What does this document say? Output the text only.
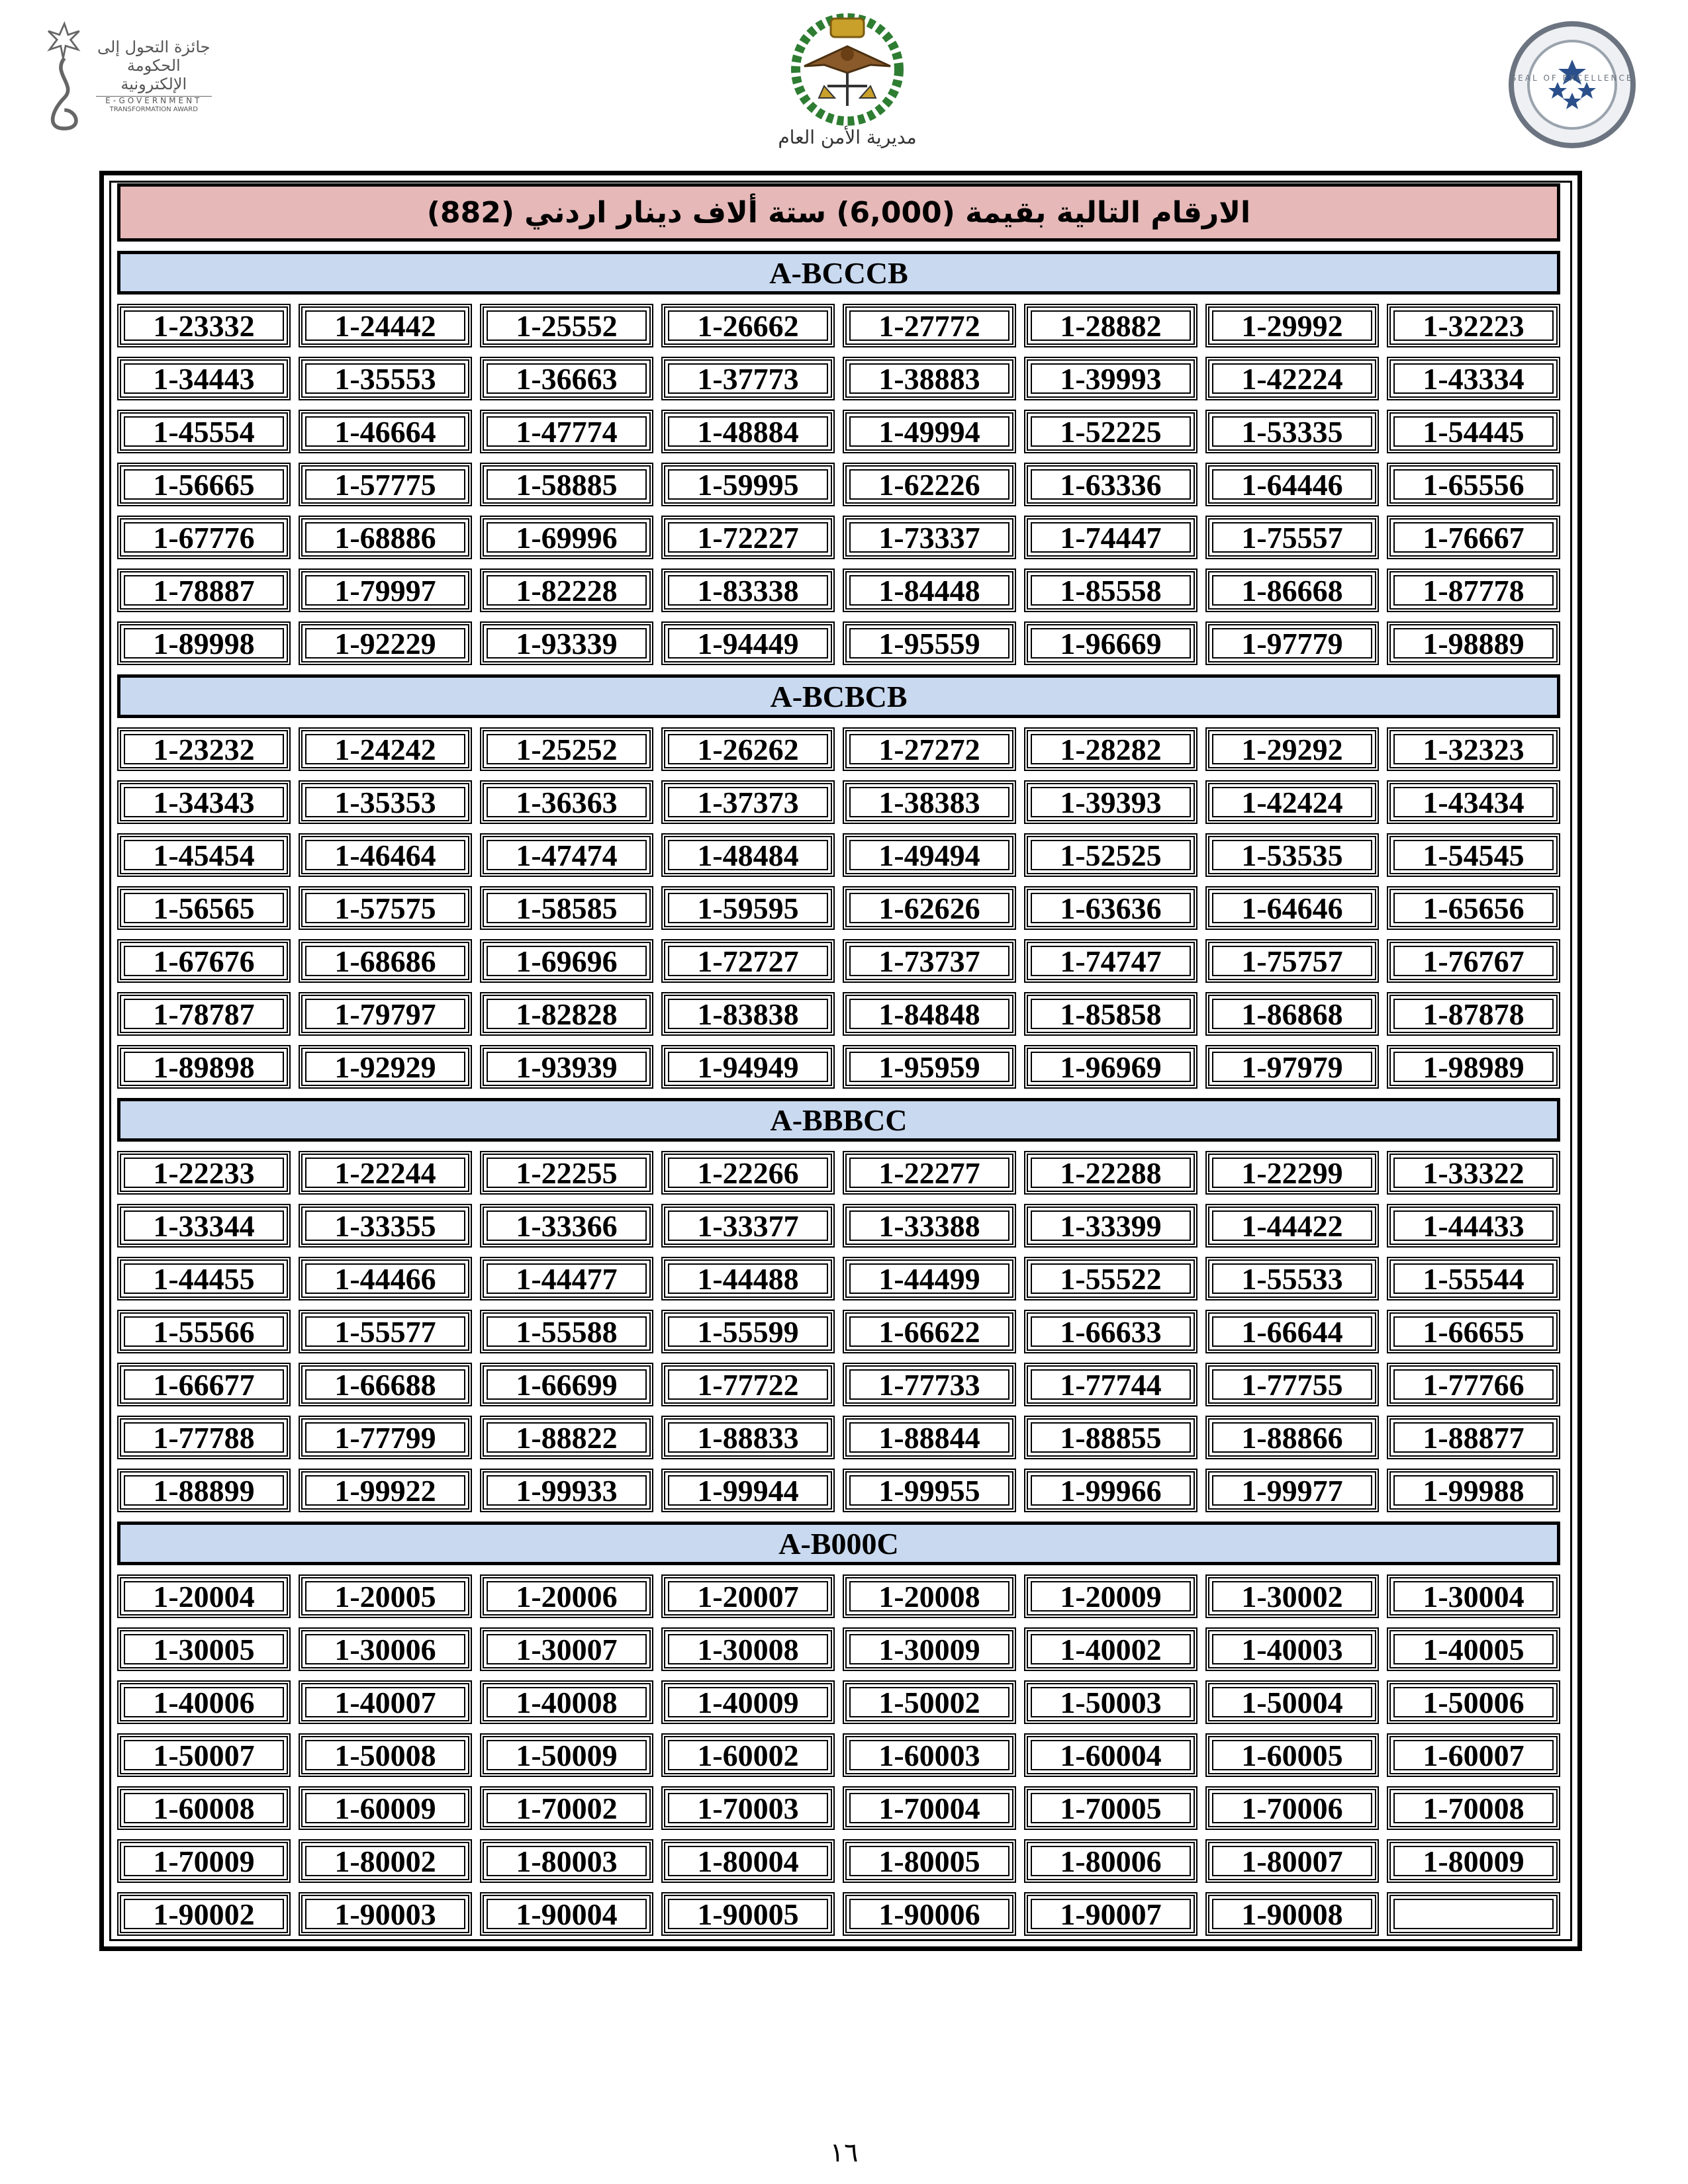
جائزة التحول إلى
الحكومة الإلكترونية
E-GOVERNMENT
TRANSFORMATION AWARD
مديرية الأمن العام
SEAL OF EXCELLENCE
الارقام التالية بقيمة (6,000) ستة ألاف دينار اردني (882)
A-BCCCB
1-23332	1-24442	1-25552	1-26662	1-27772	1-28882	1-29992	1-32223
1-34443	1-35553	1-36663	1-37773	1-38883	1-39993	1-42224	1-43334
1-45554	1-46664	1-47774	1-48884	1-49994	1-52225	1-53335	1-54445
1-56665	1-57775	1-58885	1-59995	1-62226	1-63336	1-64446	1-65556
1-67776	1-68886	1-69996	1-72227	1-73337	1-74447	1-75557	1-76667
1-78887	1-79997	1-82228	1-83338	1-84448	1-85558	1-86668	1-87778
1-89998	1-92229	1-93339	1-94449	1-95559	1-96669	1-97779	1-98889
A-BCBCB
1-23232	1-24242	1-25252	1-26262	1-27272	1-28282	1-29292	1-32323
1-34343	1-35353	1-36363	1-37373	1-38383	1-39393	1-42424	1-43434
1-45454	1-46464	1-47474	1-48484	1-49494	1-52525	1-53535	1-54545
1-56565	1-57575	1-58585	1-59595	1-62626	1-63636	1-64646	1-65656
1-67676	1-68686	1-69696	1-72727	1-73737	1-74747	1-75757	1-76767
1-78787	1-79797	1-82828	1-83838	1-84848	1-85858	1-86868	1-87878
1-89898	1-92929	1-93939	1-94949	1-95959	1-96969	1-97979	1-98989
A-BBBCC
1-22233	1-22244	1-22255	1-22266	1-22277	1-22288	1-22299	1-33322
1-33344	1-33355	1-33366	1-33377	1-33388	1-33399	1-44422	1-44433
1-44455	1-44466	1-44477	1-44488	1-44499	1-55522	1-55533	1-55544
1-55566	1-55577	1-55588	1-55599	1-66622	1-66633	1-66644	1-66655
1-66677	1-66688	1-66699	1-77722	1-77733	1-77744	1-77755	1-77766
1-77788	1-77799	1-88822	1-88833	1-88844	1-88855	1-88866	1-88877
1-88899	1-99922	1-99933	1-99944	1-99955	1-99966	1-99977	1-99988
A-B000C
1-20004	1-20005	1-20006	1-20007	1-20008	1-20009	1-30002	1-30004
1-30005	1-30006	1-30007	1-30008	1-30009	1-40002	1-40003	1-40005
1-40006	1-40007	1-40008	1-40009	1-50002	1-50003	1-50004	1-50006
1-50007	1-50008	1-50009	1-60002	1-60003	1-60004	1-60005	1-60007
1-60008	1-60009	1-70002	1-70003	1-70004	1-70005	1-70006	1-70008
1-70009	1-80002	1-80003	1-80004	1-80005	1-80006	1-80007	1-80009
1-90002	1-90003	1-90004	1-90005	1-90006	1-90007	1-90008
١٦
